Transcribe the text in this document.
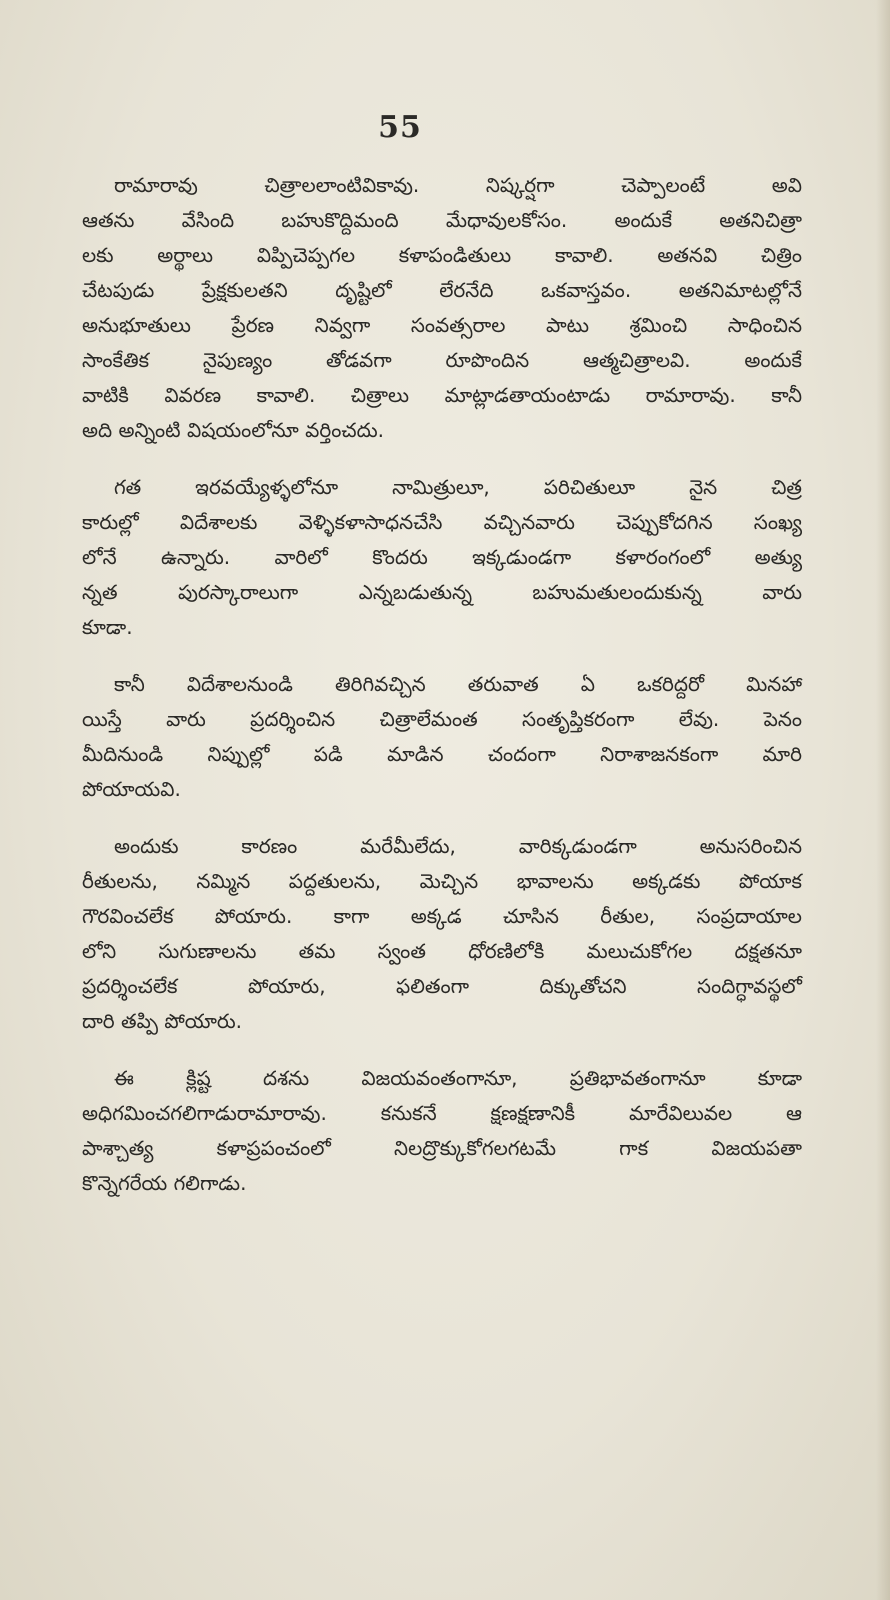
55
రామారావు చిత్రాలలాంటివికావు. నిష్కర్షగా చెప్పాలంటే అవి
ఆతను వేసింది బహుకొద్దిమంది మేధావులకోసం. అందుకే అతనిచిత్రా
లకు అర్థాలు విప్పిచెప్పగల కళాపండితులు కావాలి. అతనవి చిత్రిం
చేటపుడు ప్రేక్షకులతని దృష్టిలో లేరనేది ఒకవాస్తవం. అతనిమాటల్లోనే
అనుభూతులు ప్రేరణ నివ్వగా సంవత్సరాల పాటు శ్రమించి సాధించిన
సాంకేతిక నైపుణ్యం తోడవగా రూపొందిన ఆత్మచిత్రాలవి. అందుకే
వాటికి వివరణ కావాలి. చిత్రాలు మాట్లాడతాయంటాడు రామారావు. కానీ
అది అన్నింటి విషయంలోనూ వర్తించదు.
గత ఇరవయ్యేళ్ళలోనూ నామిత్రులూ, పరిచితులూ నైన చిత్ర
కారుల్లో విదేశాలకు వెళ్ళికళాసాధనచేసి వచ్చినవారు చెప్పుకోదగిన సంఖ్య
లోనే ఉన్నారు. వారిలో కొందరు ఇక్కడుండగా కళారంగంలో అత్యు
న్నత పురస్కారాలుగా ఎన్నబడుతున్న బహుమతులందుకున్న వారు
కూడా.
కానీ విదేశాలనుండి తిరిగివచ్చిన తరువాత ఏ ఒకరిద్దరో మినహా
యిస్తే వారు ప్రదర్శించిన చిత్రాలేమంత సంతృప్తికరంగా లేవు. పెనం
మీదినుండి నిప్పుల్లో పడి మాడిన చందంగా నిరాశాజనకంగా మారి
పోయాయవి.
అందుకు కారణం మరేమీలేదు, వారిక్కడుండగా అనుసరించిన
రీతులను, నమ్మిన పద్దతులను, మెచ్చిన భావాలను అక్కడకు పోయాక
గౌరవించలేక పోయారు. కాగా అక్కడ చూసిన రీతుల, సంప్రదాయాల
లోని సుగుణాలను తమ స్వంత ధోరణిలోకి మలుచుకోగల దక్షతనూ
ప్రదర్శించలేక పోయారు, ఫలితంగా దిక్కుతోచని సందిగ్ధావస్థలో
దారి తప్పి పోయారు.
ఈ క్లిష్ట దశను విజయవంతంగానూ, ప్రతిభావతంగానూ కూడా
అధిగమించగలిగాడురామారావు. కనుకనే క్షణక్షణానికీ మారేవిలువల ఆ
పాశ్చాత్య కళాప్రపంచంలో నిలద్రొక్కుకోగలగటమే గాక విజయపతా
కొన్నెగరేయ గలిగాడు.
